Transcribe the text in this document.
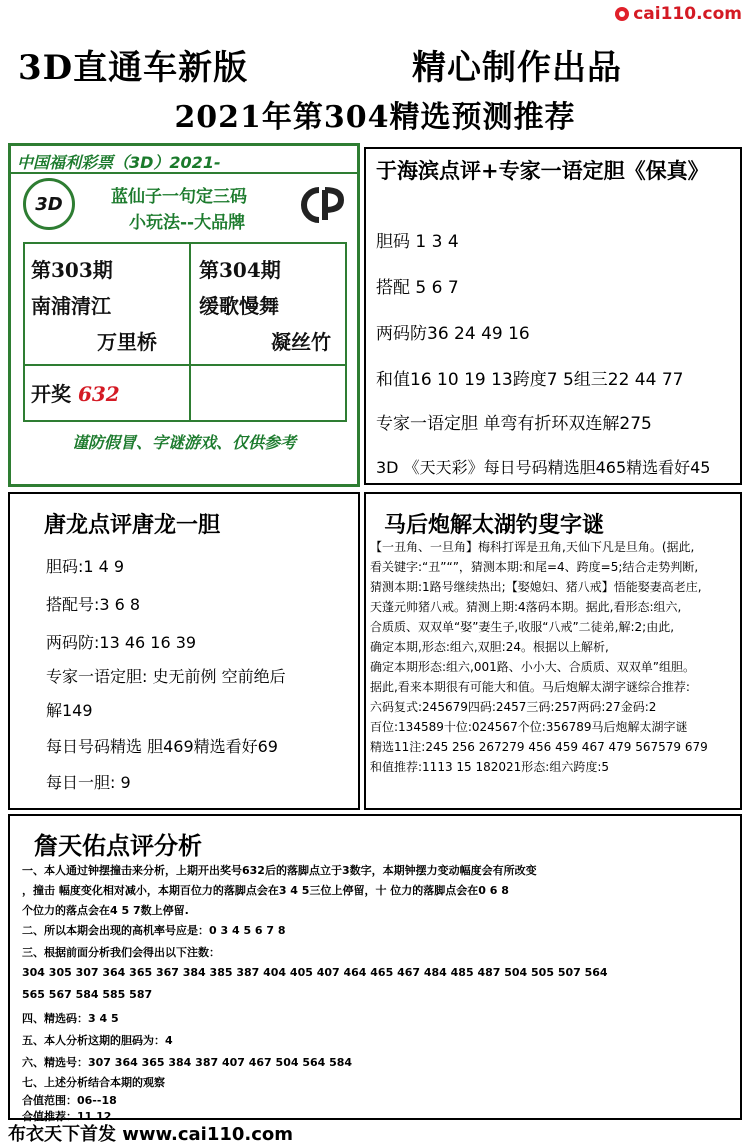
cai110.com
3D直通车新版	精心制作出品
2021年第304精选预测推荐
中国福利彩票（3D）2021-
3D	蓝仙子一句定三码
小玩法--大品牌
第303期
南浦清江
万里桥
第304期
缓歌慢舞
凝丝竹
开奖 632
谨防假冒、字谜游戏、仅供参考
于海滨点评+专家一语定胆《保真》
胆码 1 3 4
搭配 5 6 7
两码防36 24 49 16
和值16 10 19 13跨度7 5组三22 44 77
专家一语定胆 单弯有折环双连解275
3D 《天天彩》每日号码精选胆465精选看好45
唐龙点评唐龙一胆
胆码:1 4 9
搭配号:3 6 8
两码防:13 46 16 39
专家一语定胆: 史无前例 空前绝后
解149
每日号码精选 胆469精选看好69
每日一胆: 9
马后炮解太湖钓叟字谜
【一丑角、一旦角】梅科打诨是丑角,天仙下凡是旦角。(据此,
看关键字:“丑”“”，猜测本期:和尾=4、跨度=5;结合走势判断,
猜测本期:1路号继续热出;【娶媳妇、猪八戒】悟能娶妻高老庄,
天蓬元帅猪八戒。猜测上期:4落码本期。据此,看形态:组六,
合质质、双双单“娶”妻生子,收服“八戒”二徒弟,解:2;由此,
确定本期,形态:组六,双胆:24。根据以上解析,
确定本期形态:组六,001路、小小大、合质质、双双单”组胆。
据此,看来本期很有可能大和值。马后炮解太湖字谜综合推荐:
六码复式:245679四码:2457三码:257两码:27金码:2
百位:134589十位:024567个位:356789马后炮解太湖字谜
精选11注:245 256 267279 456 459 467 479 567579 679
和值推荐:1113 15 182021形态:组六跨度:5
詹天佑点评分析
一、本人通过钟摆撞击来分析，上期开出奖号632后的落脚点立于3数字，本期钟摆力变动幅度会有所改变
，撞击 幅度变化相对减小，本期百位力的落脚点会在3 4 5三位上停留，十 位力的落脚点会在0 6 8
个位力的落点会在4 5 7数上停留.
二、所以本期会出现的高机率号应是：0 3 4 5 6 7 8
三、根据前面分析我们会得出以下注数：
304 305 307 364 365 367 384 385 387 404 405 407 464 465 467 484 485 487 504 505 507 564
565 567 584 585 587
四、精选码：3 4 5
五、本人分析这期的胆码为：4
六、精选号：307 364 365 384 387 407 467 504 564 584
七、上述分析结合本期的观察
合值范围：06--18
合值推荐：11 12
布衣天下首发 www.cai110.com
